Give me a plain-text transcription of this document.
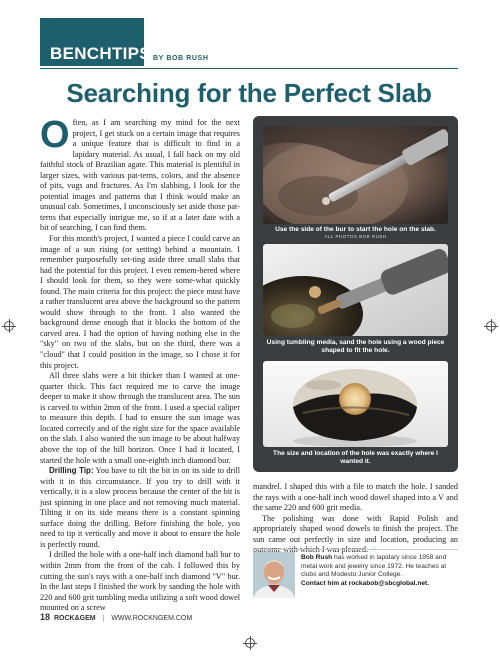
BENCHTIPS BY BOB RUSH
Searching for the Perfect Slab

Often, as I am searching my mind for the next project, I get stuck on a certain image that requires a unique feature that is difficult to find in a lapidary material. As usual, I fall back on my old faithful stock of Brazilian agate. This material is plentiful in larger sizes, with various pat-terns, colors, and the absence of pits, vugs and fractures. As I'm slabbing, I look for the potential images and patterns that I think would make an unusual cab. Sometimes, I unconsciously set aside those pat-terns that especially intrigue me, so if at a later date with a bit of searching, I can find them.

For this month's project, I wanted a piece I could carve an image of a sun rising (or setting) behind a mountain. I remember purposefully set-ting aside three small slabs that had the potential for this project. I even remem-bered where I should look for them, so they were some-what quickly found. The main criteria for this project: the piece must have a rather translucent area above the background so the pattern would show through to the front. I also wanted the background dense enough that it blocks the bottom of the carved area. I had the option of having nothing else in the "sky" on two of the slabs, but on the third, there was a "cloud" that I could position in the image, so I chose it for this project.

All three slabs were a bit thicker than I wanted at one-quarter thick. This fact required me to carve the image deeper to make it show through the translucent area. The sun is carved to within 2mm of the front. I used a special caliper to measure this depth. I had to ensure the sun image was located correctly and of the right size for the space available on the slab. I also wanted the sun image to be about halfway above the top of the hill horizon. Once I had it located, I started the hole with a small one-eighth inch diamond bur.

Drilling Tip: You have to tilt the bit in on its side to drill with it in this circumstance. If you try to drill with it vertically, it is a slow process because the center of the bit is just spinning in one place and not removing much material. Tilting it on its side means there is a constant spinning surface doing the drilling. Before finishing the hole, you need to tip it vertically and move it about to ensure the hole is perfectly round.

I drilled the hole with a one-half inch diamond ball bur to within 2mm from the front of the cab. I followed this by cutting the sun's rays with a one-half inch diamond "V" bur. In the last steps I finished the work by sanding the hole with 220 and 600 grit tumbling media utilizing a soft wood dowel mounted on a screw

Use the side of the bur to start the hole on the slab.
ALL PHOTOS BOB RUSH
Using tumbling media, sand the hole using a wood piece shaped to fit the hole.
The size and location of the hole was exactly where I wanted it.

mandrel. I shaped this with a file to match the hole. I sanded the rays with a one-half inch wood dowel shaped into a V and the same 220 and 600 grit media.

The polishing was done with Rapid Polish and appropriately shaped wood dowels to finish the project. The sun came out perfectly in size and location, producing an

Bob Rush has worked in lapidary since 1958 and metal work and jewelry since 1972. He teaches at clubs and Modesto Junior College.
Contact him at rockabob@sbcglobal.net.
18 ROCK&GEM | WWW.ROCKNGEM.COM
